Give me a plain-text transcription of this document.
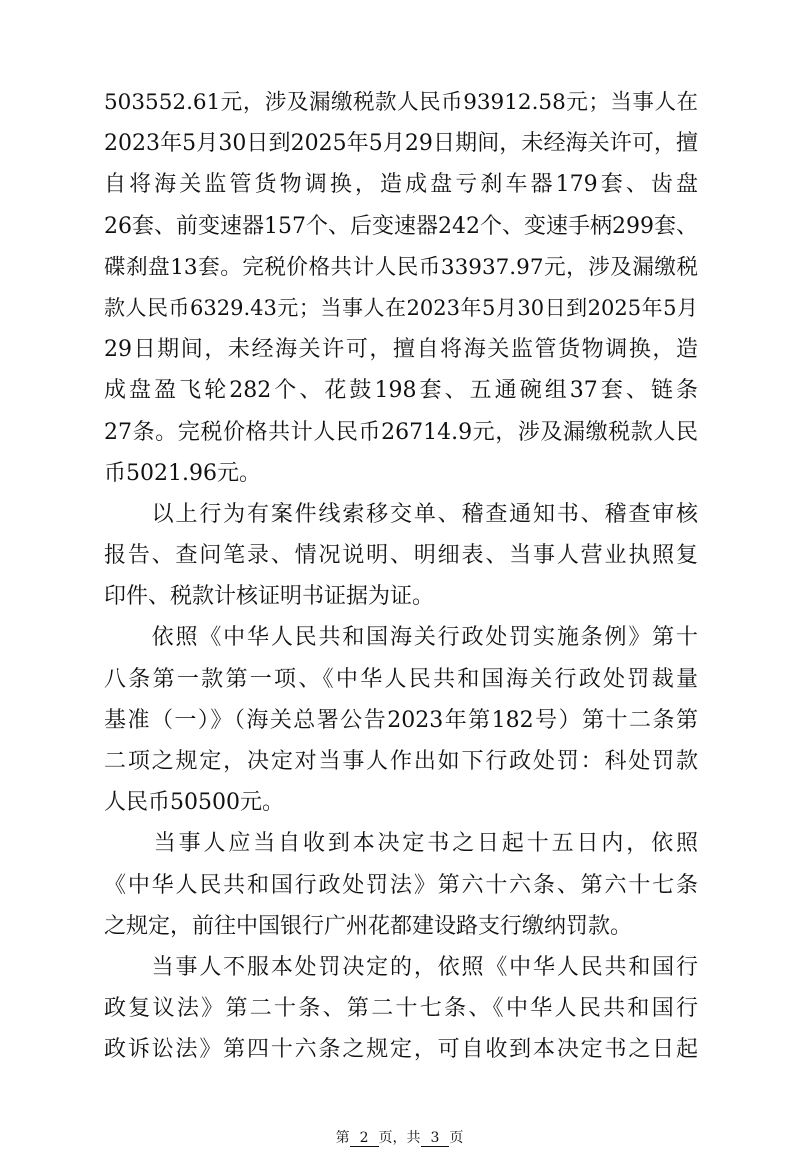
503552.61元，涉及漏缴税款人民币93912.58元；当事人在
2023年5月30日到2025年5月29日期间，未经海关许可，擅
自将海关监管货物调换，造成盘亏刹车器179套、齿盘
26套、前变速器157个、后变速器242个、变速手柄299套、
碟刹盘13套。完税价格共计人民币33937.97元，涉及漏缴税
款人民币6329.43元；当事人在2023年5月30日到2025年5月
29日期间，未经海关许可，擅自将海关监管货物调换，造
成盘盈飞轮282个、花鼓198套、五通碗组37套、链条
27条。完税价格共计人民币26714.9元，涉及漏缴税款人民
币5021.96元。
　　以上行为有案件线索移交单、稽查通知书、稽查审核
报告、查问笔录、情况说明、明细表、当事人营业执照复
印件、税款计核证明书证据为证。
　　依照《中华人民共和国海关行政处罚实施条例》第十
八条第一款第一项、《中华人民共和国海关行政处罚裁量
基准（一）》（海关总署公告2023年第182号）第十二条第
二项之规定，决定对当事人作出如下行政处罚：科处罚款
人民币50500元。
　　当事人应当自收到本决定书之日起十五日内，依照
《中华人民共和国行政处罚法》第六十六条、第六十七条
之规定，前往中国银行广州花都建设路支行缴纳罚款。
　　当事人不服本处罚决定的，依照《中华人民共和国行
政复议法》第二十条、第二十七条、《中华人民共和国行
政诉讼法》第四十六条之规定，可自收到本决定书之日起
第 2 页，共 3 页
